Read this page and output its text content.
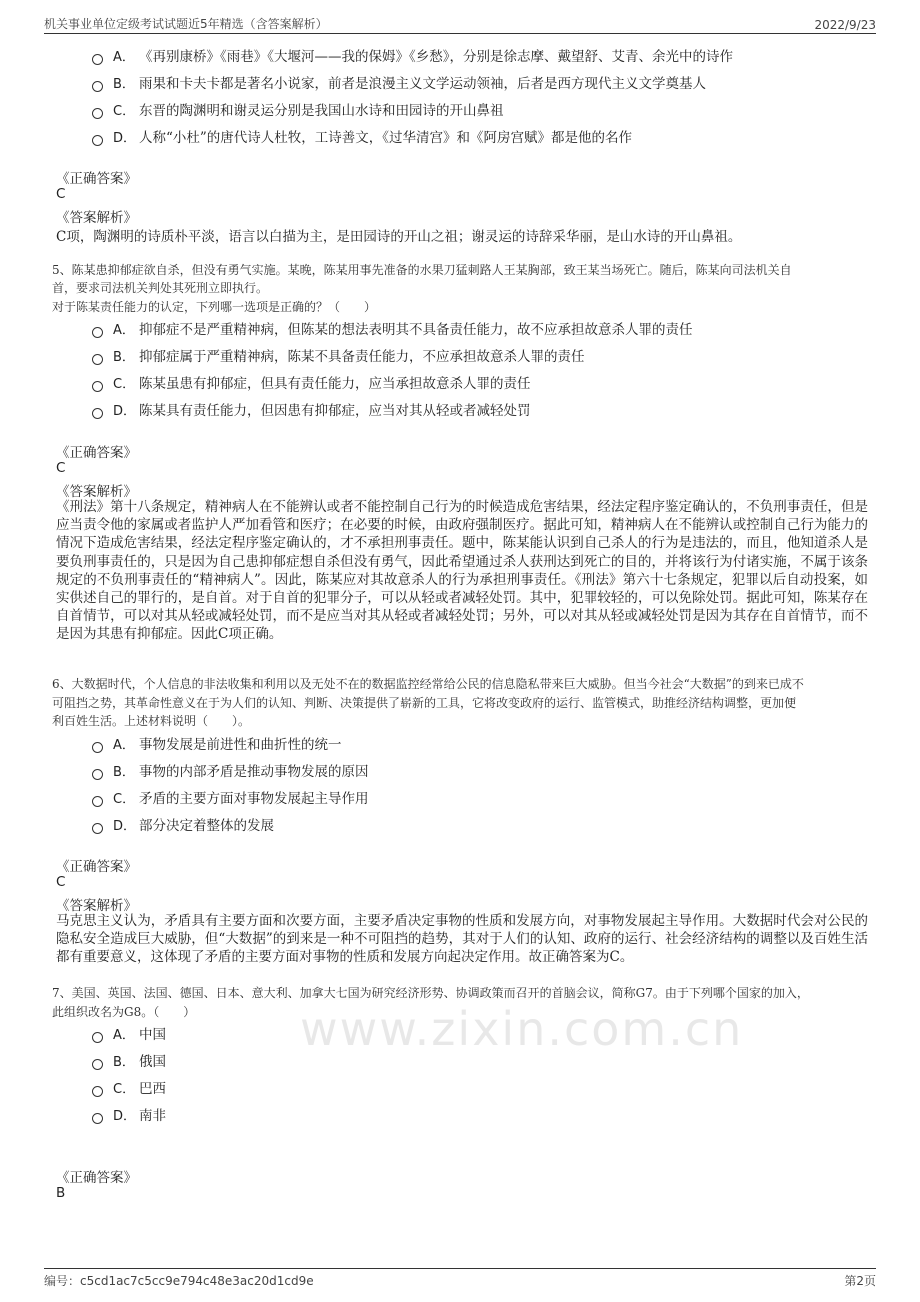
机关事业单位定级考试试题近5年精选（含答案解析）	2022/9/23
www.zixin.com.cn
A． 《再别康桥》《雨巷》《大堰河——我的保姆》《乡愁》，分别是徐志摩、戴望舒、艾青、余光中的诗作
B． 雨果和卡夫卡都是著名小说家，前者是浪漫主义文学运动领袖，后者是西方现代主义文学奠基人
C． 东晋的陶渊明和谢灵运分别是我国山水诗和田园诗的开山鼻祖
D． 人称“小杜”的唐代诗人杜牧，工诗善文，《过华清宫》和《阿房宫赋》都是他的名作
《正确答案》
C
《答案解析》
C项，陶渊明的诗质朴平淡，语言以白描为主，是田园诗的开山之祖；谢灵运的诗辞采华丽，是山水诗的开山鼻祖。
5、陈某患抑郁症欲自杀，但没有勇气实施。某晚，陈某用事先准备的水果刀猛刺路人王某胸部，致王某当场死亡。随后，陈某向司法机关自
首，要求司法机关判处其死刑立即执行。
对于陈某责任能力的认定，下列哪一选项是正确的？（　　）
A． 抑郁症不是严重精神病，但陈某的想法表明其不具备责任能力，故不应承担故意杀人罪的责任
B． 抑郁症属于严重精神病，陈某不具备责任能力，不应承担故意杀人罪的责任
C． 陈某虽患有抑郁症，但具有责任能力，应当承担故意杀人罪的责任
D． 陈某具有责任能力，但因患有抑郁症，应当对其从轻或者减轻处罚
《正确答案》
C
《答案解析》
《刑法》第十八条规定，精神病人在不能辨认或者不能控制自己行为的时候造成危害结果，经法定程序鉴定确认的，不负刑事责任，但是应当责令他的家属或者监护人严加看管和医疗；在必要的时候，由政府强制医疗。据此可知，精神病人在不能辨认或控制自己行为能力的情况下造成危害结果，经法定程序鉴定确认的，才不承担刑事责任。题中，陈某能认识到自己杀人的行为是违法的，而且，他知道杀人是要负刑事责任的，只是因为自己患抑郁症想自杀但没有勇气，因此希望通过杀人获刑达到死亡的目的，并将该行为付诸实施，不属于该条规定的不负刑事责任的“精神病人”。因此，陈某应对其故意杀人的行为承担刑事责任。《刑法》第六十七条规定，犯罪以后自动投案，如实供述自己的罪行的，是自首。对于自首的犯罪分子，可以从轻或者减轻处罚。其中，犯罪较轻的，可以免除处罚。据此可知，陈某存在自首情节，可以对其从轻或减轻处罚，而不是应当对其从轻或者减轻处罚；另外，可以对其从轻或减轻处罚是因为其存在自首情节，而不是因为其患有抑郁症。因此C项正确。
6、大数据时代，个人信息的非法收集和利用以及无处不在的数据监控经常给公民的信息隐私带来巨大威胁。但当今社会“大数据”的到来已成不
可阻挡之势，其革命性意义在于为人们的认知、判断、决策提供了崭新的工具，它将改变政府的运行、监管模式，助推经济结构调整，更加便
利百姓生活。上述材料说明（　　）。
A． 事物发展是前进性和曲折性的统一
B． 事物的内部矛盾是推动事物发展的原因
C． 矛盾的主要方面对事物发展起主导作用
D． 部分决定着整体的发展
《正确答案》
C
《答案解析》
马克思主义认为，矛盾具有主要方面和次要方面，主要矛盾决定事物的性质和发展方向，对事物发展起主导作用。大数据时代会对公民的隐私安全造成巨大威胁，但“大数据”的到来是一种不可阻挡的趋势，其对于人们的认知、政府的运行、社会经济结构的调整以及百姓生活都有重要意义，这体现了矛盾的主要方面对事物的性质和发展方向起决定作用。故正确答案为C。
7、美国、英国、法国、德国、日本、意大利、加拿大七国为研究经济形势、协调政策而召开的首脑会议，简称G7。由于下列哪个国家的加入，
此组织改名为G8。（　　）
A． 中国
B． 俄国
C． 巴西
D． 南非
《正确答案》
B
编号：c5cd1ac7c5cc9e794c48e3ac20d1cd9e	第2页
